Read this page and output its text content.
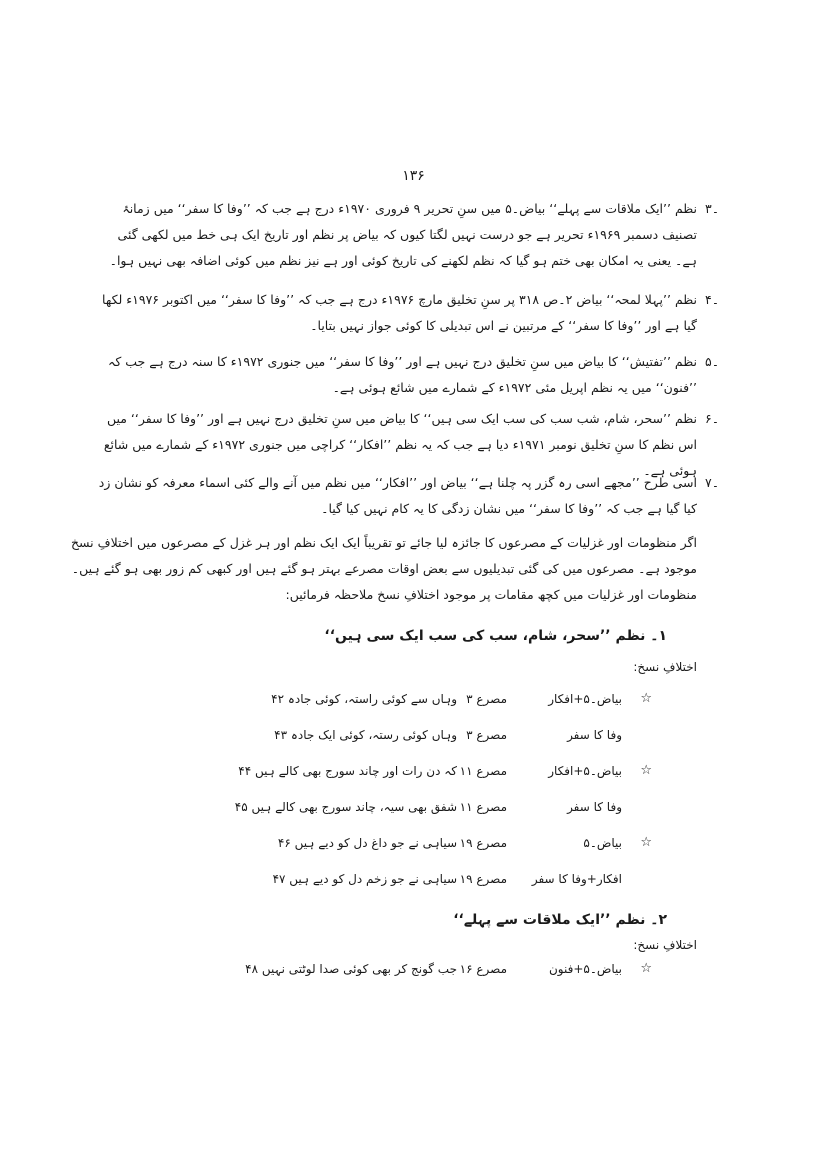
۱۳۶
۳۔
نظم ’’ایک ملاقات سے پہلے‘‘ بیاض۔۵ میں سنِ تحریر ۹ فروری ۱۹۷۰ء درج ہے جب کہ ’’وفا کا سفر‘‘ میں زمانۂ تصنیف دسمبر ۱۹۶۹ء تحریر ہے جو درست نہیں لگتا کیوں کہ بیاض پر نظم اور تاریخ ایک ہی خط میں لکھی گئی ہے۔ یعنی یہ امکان بھی ختم ہو گیا کہ نظم لکھنے کی تاریخ کوئی اور ہے نیز نظم میں کوئی اضافہ بھی نہیں ہوا۔
۴۔
نظم ’’پہلا لمحہ‘‘ بیاض ۲۔ص ۳۱۸ پر سنِ تخلیق مارچ ۱۹۷۶ء درج ہے جب کہ ’’وفا کا سفر‘‘ میں اکتوبر ۱۹۷۶ء لکھا گیا ہے اور ’’وفا کا سفر‘‘ کے مرتبین نے اس تبدیلی کا کوئی جواز نہیں بتایا۔
۵۔
نظم ’’تفتیش‘‘ کا بیاض میں سنِ تخلیق درج نہیں ہے اور ’’وفا کا سفر‘‘ میں جنوری ۱۹۷۲ء کا سنہ درج ہے جب کہ ’’فنون‘‘ میں یہ نظم اپریل مئی ۱۹۷۲ء کے شمارے میں شائع ہوئی ہے۔
۶۔
نظم ’’سحر، شام، شب سب کی سب ایک سی ہیں‘‘ کا بیاض میں سنِ تخلیق درج نہیں ہے اور ’’وفا کا سفر‘‘ میں اس نظم کا سنِ تخلیق نومبر ۱۹۷۱ء دیا ہے جب کہ یہ نظم ’’افکار‘‘ کراچی میں جنوری ۱۹۷۲ء کے شمارے میں شائع ہوئی ہے۔
۷۔
اسی طرح ’’مجھے اسی رہ گزر پہ چلنا ہے‘‘ بیاض اور ’’افکار‘‘ میں نظم میں آنے والے کئی اسماء معرفہ کو نشان زد کیا گیا ہے جب کہ ’’وفا کا سفر‘‘ میں نشان زدگی کا یہ کام نہیں کیا گیا۔
اگر منظومات اور غزلیات کے مصرعوں کا جائزہ لیا جائے تو تقریباً ایک ایک نظم اور ہر غزل کے مصرعوں میں اختلافِ نسخ موجود ہے۔ مصرعوں میں کی گئی تبدیلیوں سے بعض اوقات مصرعے بہتر ہو گئے ہیں اور کبھی کم زور بھی ہو گئے ہیں۔ منظومات اور غزلیات میں کچھ مقامات پر موجود اختلافِ نسخ ملاحظہ فرمائیں:
۱۔ نظم ’’سحر، شام، سب کی سب ایک سی ہیں‘‘
اختلافِ نسخ:
☆
بیاض۔۵+افکار
مصرع ۳
وہاں سے کوئی راستہ، کوئی جادہ ۴۲
وفا کا سفر
مصرع ۳
وہاں کوئی رستہ، کوئی ایک جادہ ۴۳
☆
بیاض۔۵+افکار
مصرع ۱۱
کہ دن رات اور چاند سورج بھی کالے ہیں ۴۴
وفا کا سفر
مصرع ۱۱
شفق بھی سیہ، چاند سورج بھی کالے ہیں ۴۵
☆
بیاض۔۵
مصرع ۱۹
سیاہی نے جو داغ دل کو دیے ہیں ۴۶
افکار+وفا کا سفر
مصرع ۱۹
سیاہی نے جو زخم دل کو دیے ہیں ۴۷
۲۔ نظم ’’ایک ملاقات سے پہلے‘‘
اختلافِ نسخ:
☆
بیاض۔۵+فنون
مصرع ۱۶
جب گونج کر بھی کوئی صدا لوٹتی نہیں ۴۸
